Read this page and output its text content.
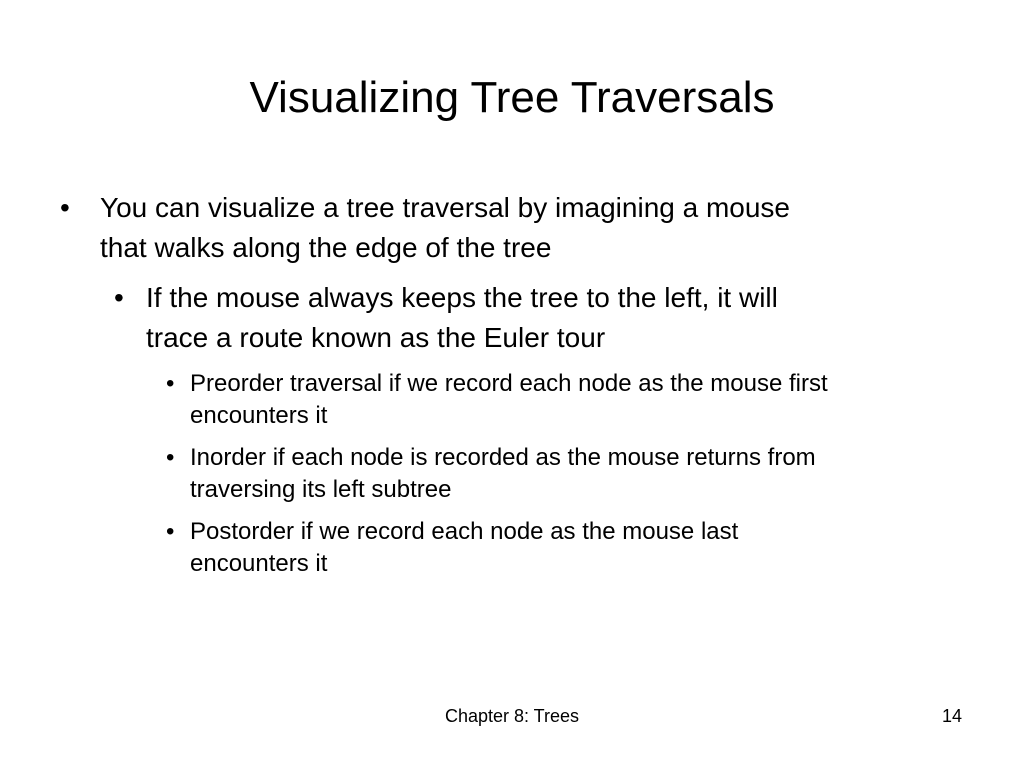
Visualizing Tree Traversals
• You can visualize a tree traversal by imagining a mouse
that walks along the edge of the tree
• If the mouse always keeps the tree to the left, it will
trace a route known as the Euler tour
• Preorder traversal if we record each node as the mouse first
encounters it
• Inorder if each node is recorded as the mouse returns from
traversing its left subtree
• Postorder if we record each node as the mouse last
encounters it
Chapter 8: Trees	14
